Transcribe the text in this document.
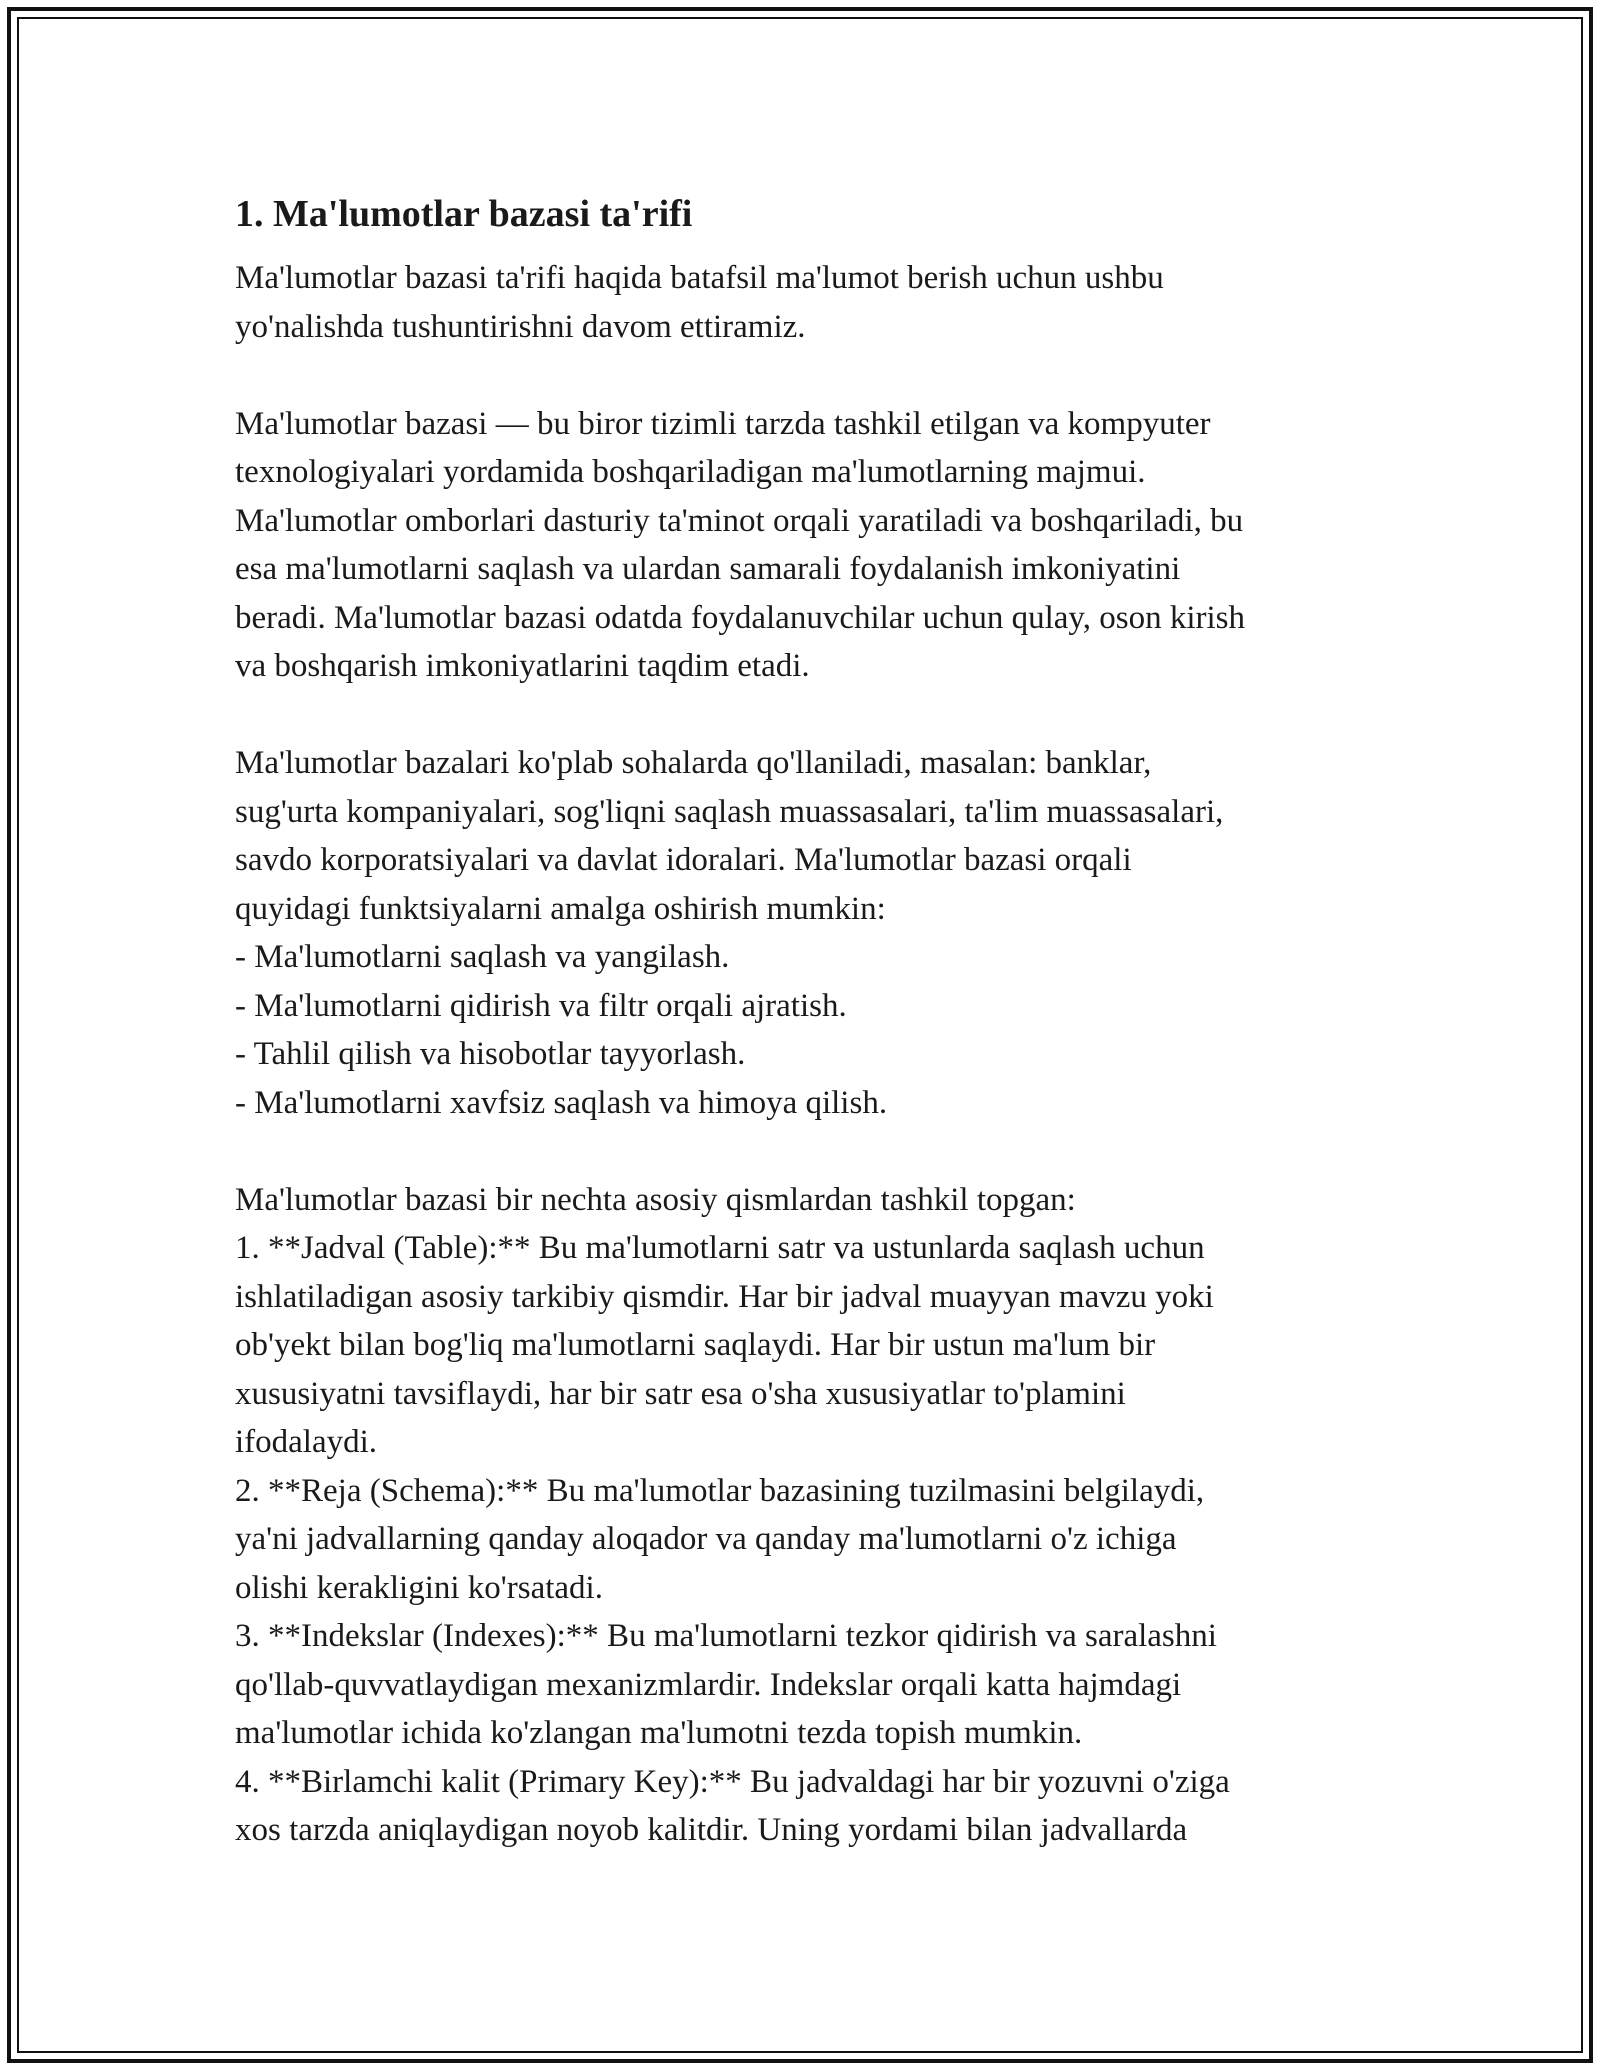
1. Ma'lumotlar bazasi ta'rifi
Ma'lumotlar bazasi ta'rifi haqida batafsil ma'lumot berish uchun ushbu
yo'nalishda tushuntirishni davom ettiramiz.
Ma'lumotlar bazasi — bu biror tizimli tarzda tashkil etilgan va kompyuter
texnologiyalari yordamida boshqariladigan ma'lumotlarning majmui.
Ma'lumotlar omborlari dasturiy ta'minot orqali yaratiladi va boshqariladi, bu
esa ma'lumotlarni saqlash va ulardan samarali foydalanish imkoniyatini
beradi. Ma'lumotlar bazasi odatda foydalanuvchilar uchun qulay, oson kirish
va boshqarish imkoniyatlarini taqdim etadi.
Ma'lumotlar bazalari ko'plab sohalarda qo'llaniladi, masalan: banklar,
sug'urta kompaniyalari, sog'liqni saqlash muassasalari, ta'lim muassasalari,
savdo korporatsiyalari va davlat idoralari. Ma'lumotlar bazasi orqali
quyidagi funktsiyalarni amalga oshirish mumkin:
- Ma'lumotlarni saqlash va yangilash.
- Ma'lumotlarni qidirish va filtr orqali ajratish.
- Tahlil qilish va hisobotlar tayyorlash.
- Ma'lumotlarni xavfsiz saqlash va himoya qilish.
Ma'lumotlar bazasi bir nechta asosiy qismlardan tashkil topgan:
1. **Jadval (Table):** Bu ma'lumotlarni satr va ustunlarda saqlash uchun
ishlatiladigan asosiy tarkibiy qismdir. Har bir jadval muayyan mavzu yoki
ob'yekt bilan bog'liq ma'lumotlarni saqlaydi. Har bir ustun ma'lum bir
xususiyatni tavsiflaydi, har bir satr esa o'sha xususiyatlar to'plamini
ifodalaydi.
2. **Reja (Schema):** Bu ma'lumotlar bazasining tuzilmasini belgilaydi,
ya'ni jadvallarning qanday aloqador va qanday ma'lumotlarni o'z ichiga
olishi kerakligini ko'rsatadi.
3. **Indekslar (Indexes):** Bu ma'lumotlarni tezkor qidirish va saralashni
qo'llab-quvvatlaydigan mexanizmlardir. Indekslar orqali katta hajmdagi
ma'lumotlar ichida ko'zlangan ma'lumotni tezda topish mumkin.
4. **Birlamchi kalit (Primary Key):** Bu jadvaldagi har bir yozuvni o'ziga
xos tarzda aniqlaydigan noyob kalitdir. Uning yordami bilan jadvallarda
